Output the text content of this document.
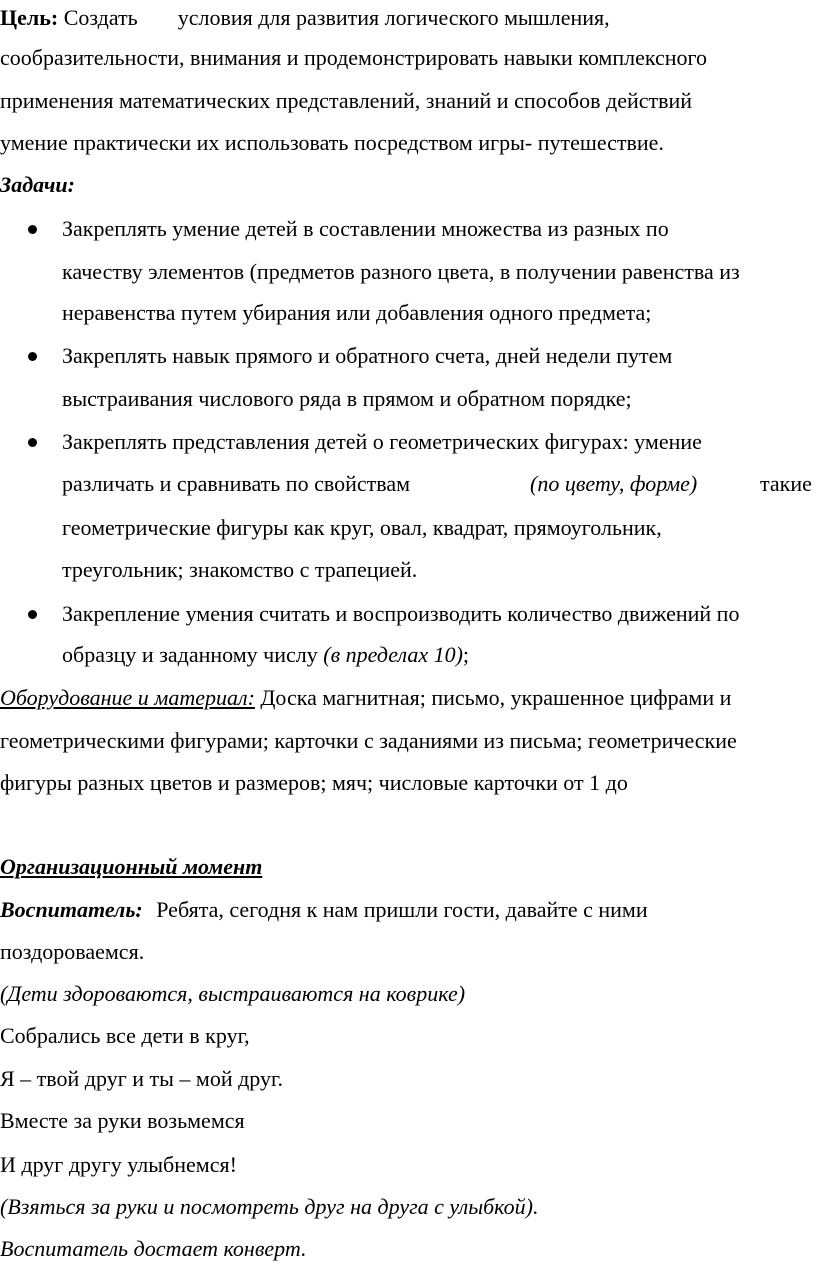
Цель: Создать условия для развития логического мышления,
сообразительности, внимания и продемонстрировать навыки комплексного
применения математических представлений, знаний и способов действий
умение практически их использовать посредством игры- путешествие.
Задачи:
Закреплять умение детей в составлении множества из разных по
качеству элементов (предметов разного цвета, в получении равенства из
неравенства путем убирания или добавления одного предмета;
Закреплять навык прямого и обратного счета, дней недели путем
выстраивания числового ряда в прямом и обратном порядке;
Закреплять представления детей о геометрических фигурах: умение
различать и сравнивать по свойствам	(по цвету, форме)	такие
геометрические фигуры как круг, овал, квадрат, прямоугольник,
треугольник; знакомство с трапецией.
Закрепление умения считать и воспроизводить количество движений по
образцу и заданному числу (в пределах 10);
Оборудование и материал: Доска магнитная; письмо, украшенное цифрами и
геометрическими фигурами; карточки с заданиями из письма; геометрические
фигуры разных цветов и размеров; мяч; числовые карточки от 1 до
Организационный момент
Воспитатель: Ребята, сегодня к нам пришли гости, давайте с ними
поздороваемся.
(Дети здороваются, выстраиваются на коврике)
Собрались все дети в круг,
Я – твой друг и ты – мой друг.
Вместе за руки возьмемся
И друг другу улыбнемся!
(Взяться за руки и посмотреть друг на друга с улыбкой).
Воспитатель достает конверт.
